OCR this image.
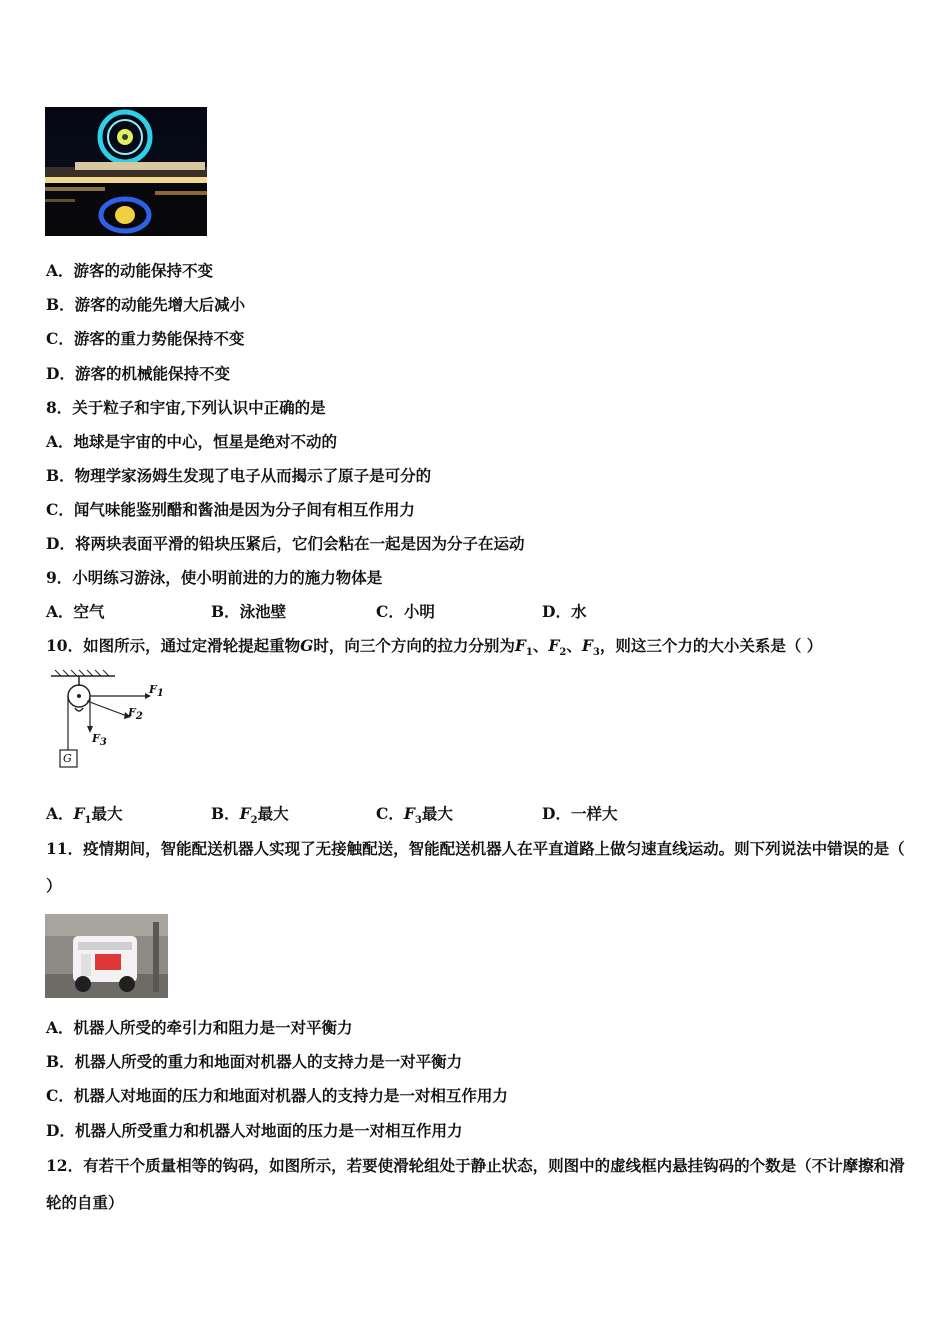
A．游客的动能保持不变
B．游客的动能先增大后减小
C．游客的重力势能保持不变
D．游客的机械能保持不变
8．关于粒子和宇宙,下列认识中正确的是
A．地球是宇宙的中心，恒星是绝对不动的
B．物理学家汤姆生发现了电子从而揭示了原子是可分的
C．闻气味能鉴别醋和酱油是因为分子间有相互作用力
D．将两块表面平滑的铅块压紧后，它们会粘在一起是因为分子在运动
9．小明练习游泳，使小明前进的力的施力物体是
A．空气	B．泳池壁	C．小明	D．水
10．如图所示，通过定滑轮提起重物G时，向三个方向的拉力分别为$F_1$、$F_2$、$F_3$，则这三个力的大小关系是（ ）
$F_1$
$F_2$
$F_3$
G
A．$F_1$最大	B．$F_2$最大	C．$F_3$最大	D．一样大
11．疫情期间，智能配送机器人实现了无接触配送，智能配送机器人在平直道路上做匀速直线运动。则下列说法中错误的是（ ）
A．机器人所受的牵引力和阻力是一对平衡力
B．机器人所受的重力和地面对机器人的支持力是一对平衡力
C．机器人对地面的压力和地面对机器人的支持力是一对相互作用力
D．机器人所受重力和机器人对地面的压力是一对相互作用力
12．有若干个质量相等的钩码，如图所示，若要使滑轮组处于静止状态，则图中的虚线框内悬挂钩码的个数是（不计摩擦和滑轮的自重）
